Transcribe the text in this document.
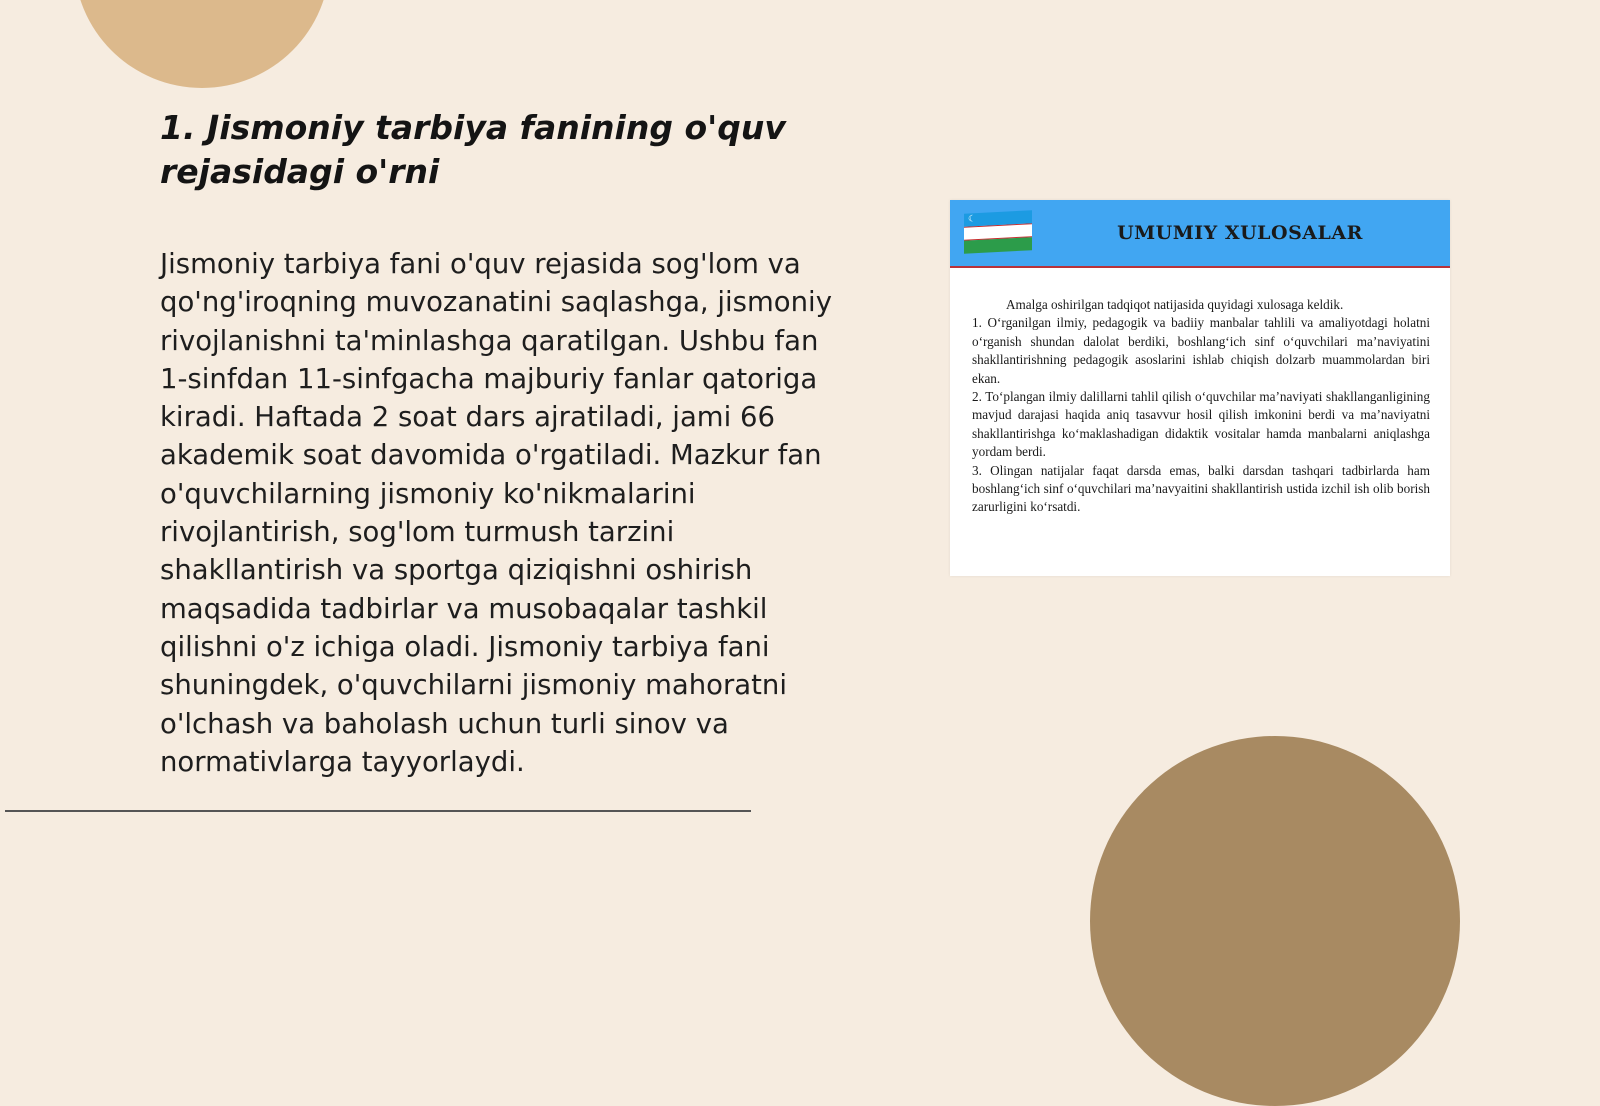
1. Jismoniy tarbiya fanining o'quv rejasidagi o'rni

Jismoniy tarbiya fani o'quv rejasida sog'lom va qo'ng'iroqning muvozanatini saqlashga, jismoniy rivojlanishni ta'minlashga qaratilgan. Ushbu fan 1-sinfdan 11-sinfgacha majburiy fanlar qatoriga kiradi. Haftada 2 soat dars ajratiladi, jami 66 akademik soat davomida o'rgatiladi. Mazkur fan o'quvchilarning jismoniy ko'nikmalarini rivojlantirish, sog'lom turmush tarzini shakllantirish va sportga qiziqishni oshirish maqsadida tadbirlar va musobaqalar tashkil qilishni o'z ichiga oladi. Jismoniy tarbiya fani shuningdek, o'quvchilarni jismoniy mahoratni o'lchash va baholash uchun turli sinov va normativlarga tayyorlaydi.

☾
UMUMIY XULOSALAR

Amalga oshirilgan tadqiqot natijasida quyidagi xulosaga keldik.

1. O‘rganilgan ilmiy, pedagogik va badiiy manbalar tahlili va amaliyotdagi holatni o‘rganish shundan dalolat berdiki, boshlang‘ich sinf o‘quvchilari ma’naviyatini shakllantirishning pedagogik asoslarini ishlab chiqish dolzarb muammolardan biri ekan.

2. To‘plangan ilmiy dalillarni tahlil qilish o‘quvchilar ma’naviyati shakllanganligining mavjud darajasi haqida aniq tasavvur hosil qilish imkonini berdi va ma’naviyatni shakllantirishga ko‘maklashadigan didaktik vositalar hamda manbalarni aniqlashga yordam berdi.

3. Olingan natijalar faqat darsda emas, balki darsdan tashqari tadbirlarda ham boshlang‘ich sinf o‘quvchilari ma’navyaitini shakllantirish ustida izchil ish olib borish zarurligini ko‘rsatdi.
